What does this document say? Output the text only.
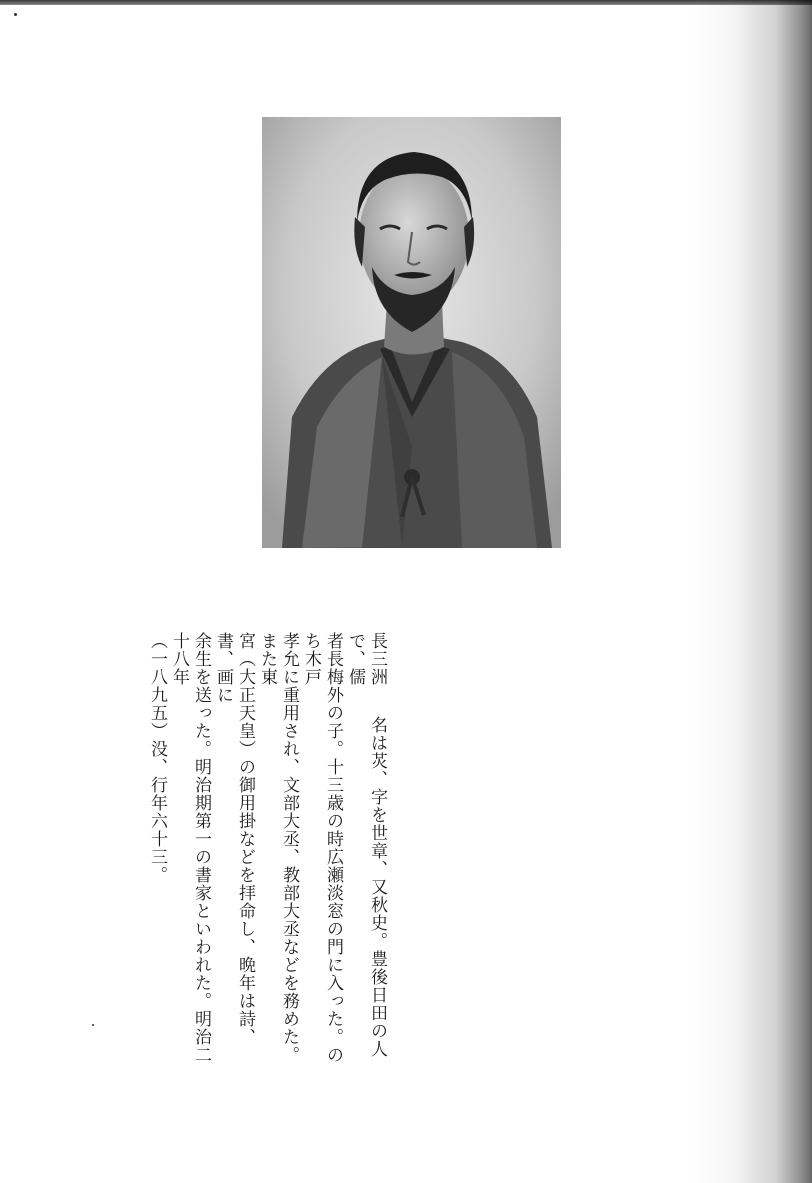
長三洲名は炗、字を世章、又秋史。豊後日田の人で、儒

者長梅外の子。十三歳の時広瀬淡窓の門に入った。のち木戸

孝允に重用され、文部大丞、教部大丞などを務めた。また東

宮（大正天皇）の御用掛などを拝命し、晩年は詩、書、画に

余生を送った。明治期第一の書家といわれた。明治二十八年

（一八九五）没、行年六十三。
